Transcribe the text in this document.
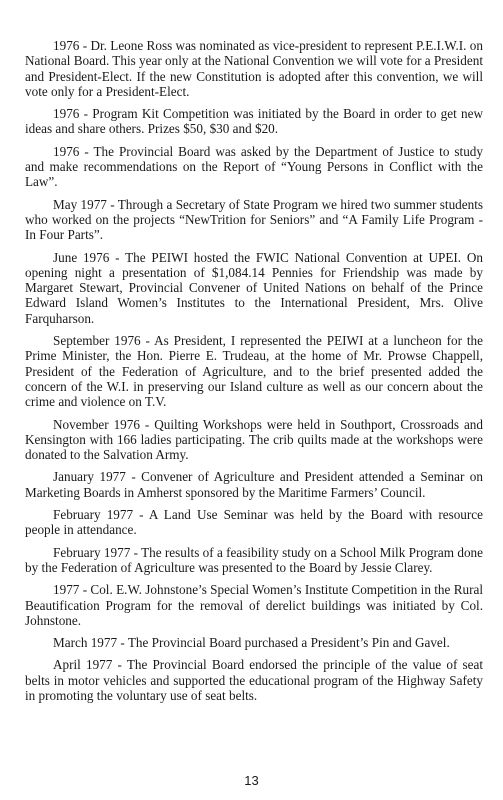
1976 - Dr. Leone Ross was nominated as vice-president to represent P.E.I.W.I. on National Board. This year only at the National Convention we will vote for a President and President-Elect. If the new Constitution is adopted after this convention, we will vote only for a President-Elect.

1976 - Program Kit Competition was initiated by the Board in order to get new ideas and share others. Prizes $50, $30 and $20.

1976 - The Provincial Board was asked by the Department of Justice to study and make recommendations on the Report of “Young Persons in Conflict with the Law”.

May 1977 - Through a Secretary of State Program we hired two summer students who worked on the projects “NewTrition for Seniors” and “A Family Life Program - In Four Parts”.

June 1976 - The PEIWI hosted the FWIC National Convention at UPEI. On opening night a presentation of $1,084.14 Pennies for Friendship was made by Margaret Stewart, Provincial Convener of United Nations on behalf of the Prince Edward Island Women’s Institutes to the International President, Mrs. Olive Farquharson.

September 1976 - As President, I represented the PEIWI at a luncheon for the Prime Minister, the Hon. Pierre E. Trudeau, at the home of Mr. Prowse Chappell, President of the Federation of Agriculture, and to the brief presented added the concern of the W.I. in preserving our Island culture as well as our concern about the crime and violence on T.V.

November 1976 - Quilting Workshops were held in Southport, Crossroads and Kensington with 166 ladies participating. The crib quilts made at the workshops were donated to the Salvation Army.

January 1977 - Convener of Agriculture and President attended a Seminar on Marketing Boards in Amherst sponsored by the Maritime Farmers’ Council.

February 1977 - A Land Use Seminar was held by the Board with resource people in attendance.

February 1977 - The results of a feasibility study on a School Milk Program done by the Federation of Agriculture was presented to the Board by Jessie Clarey.

1977 - Col. E.W. Johnstone’s Special Women’s Institute Competition in the Rural Beautification Program for the removal of derelict buildings was initiated by Col. Johnstone.

March 1977 - The Provincial Board purchased a President’s Pin and Gavel.

April 1977 - The Provincial Board endorsed the principle of the value of seat belts in motor vehicles and supported the educational program of the Highway Safety in promoting the voluntary use of seat belts.

13
